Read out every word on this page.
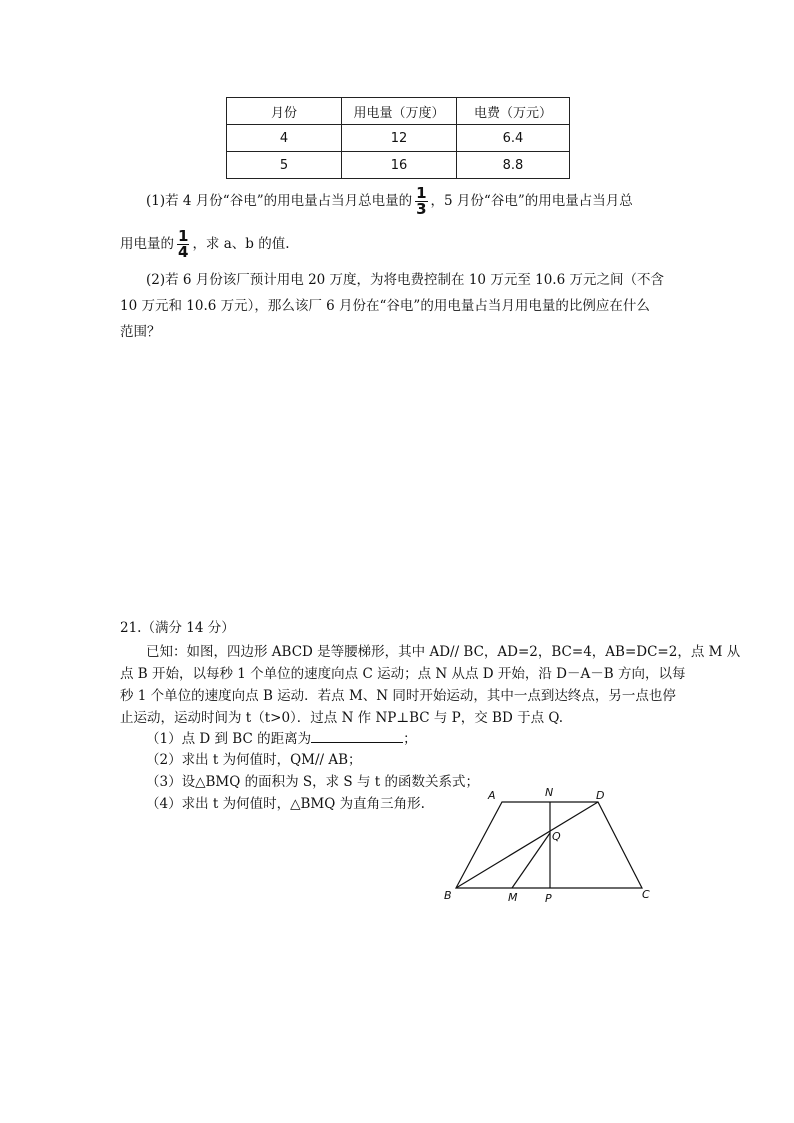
月份	用电量（万度）	电费（万元）
4	12	6.4
5	16	8.8
(1)若 4 月份“谷电”的用电量占当月总电量的 $\frac{1}{3}$ ，5 月份“谷电”的用电量占当月总
用电量的 $\frac{1}{4}$ ，求 a、b 的值.
(2)若 6 月份该厂预计用电 20 万度，为将电费控制在 10 万元至 10.6 万元之间（不含
10 万元和 10.6 万元），那么该厂 6 月份在“谷电”的用电量占当月用电量的比例应在什么
范围？
21.（满分 14 分）
已知：如图，四边形 ABCD 是等腰梯形，其中 AD// BC，AD=2，BC=4，AB=DC=2，点 M 从
点 B 开始，以每秒 1 个单位的速度向点 C 运动；点 N 从点 D 开始，沿 D－A－B 方向，以每
秒 1 个单位的速度向点 B 运动．若点 M、N 同时开始运动，其中一点到达终点，另一点也停
止运动，运动时间为 t（t>0）．过点 N 作 NP⊥BC 与 P，交 BD 于点 Q.
（1）点 D 到 BC 的距离为	；
（2）求出 t 为何值时，QM// AB；
（3）设△BMQ 的面积为 S，求 S 与 t 的函数关系式；
（4）求出 t 为何值时，△BMQ 为直角三角形.
A	N	D
Q
B	M	P	C
